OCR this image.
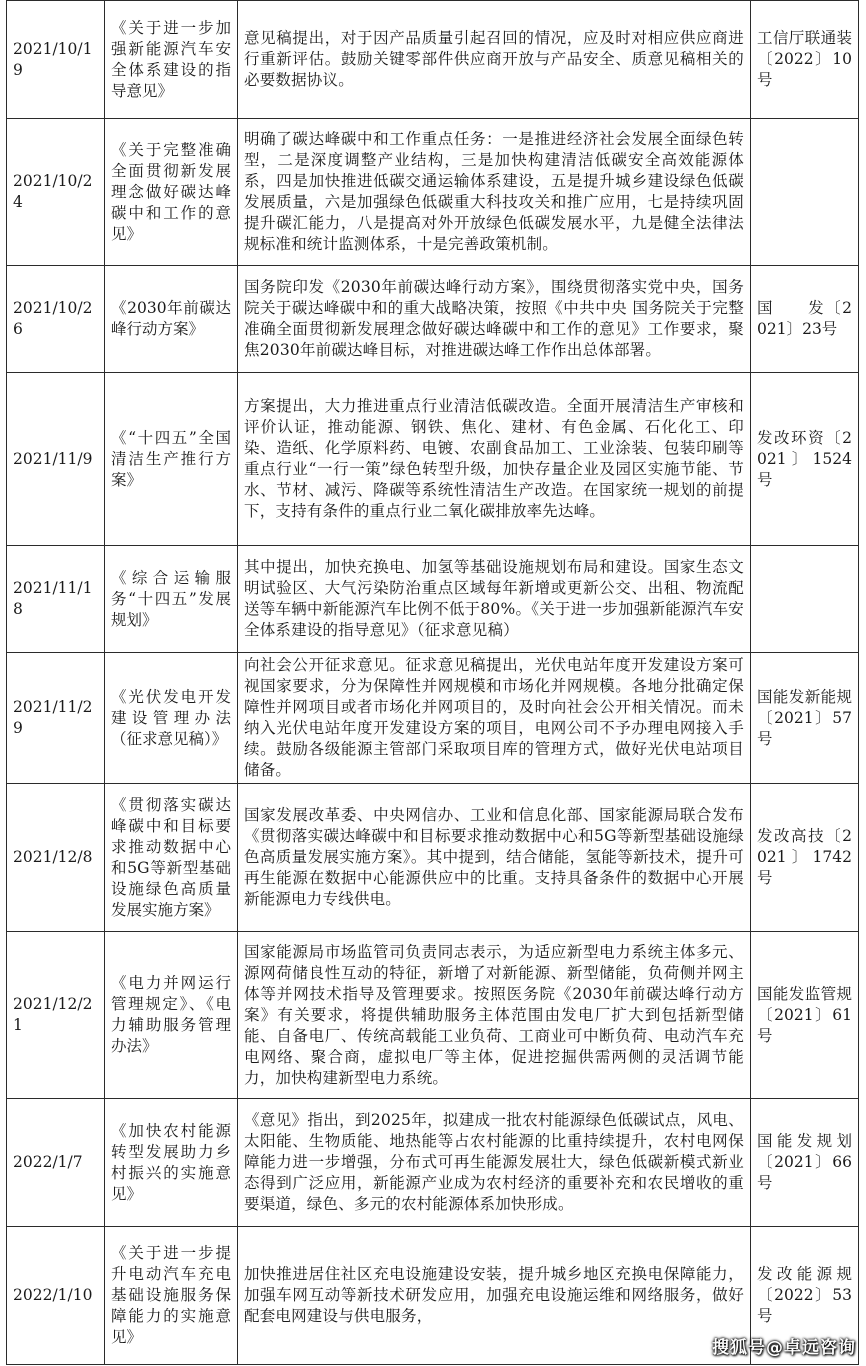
2021/10/19	《关于进一步加强新能源汽车安全体系建设的指导意见》	意见稿提出，对于因产品质量引起召回的情况，应及时对相应供应商进行重新评估。鼓励关键零部件供应商开放与产品安全、质意见稿相关的必要数据协议。	工信厅联通装〔2022〕10号
2021/10/24	《关于完整准确全面贯彻新发展理念做好碳达峰碳中和工作的意见》	明确了碳达峰碳中和工作重点任务：一是推进经济社会发展全面绿色转型，二是深度调整产业结构，三是加快构建清洁低碳安全高效能源体系，四是加快推进低碳交通运输体系建设，五是提升城乡建设绿色低碳发展质量，六是加强绿色低碳重大科技攻关和推广应用，七是持续巩固提升碳汇能力，八是提高对外开放绿色低碳发展水平，九是健全法律法规标准和统计监测体系，十是完善政策机制。	
2021/10/26	《2030年前碳达峰行动方案》	国务院印发《2030年前碳达峰行动方案》，围绕贯彻落实党中央，国务院关于碳达峰碳中和的重大战略决策，按照《中共中央 国务院关于完整准确全面贯彻新发展理念做好碳达峰碳中和工作的意见》工作要求，聚焦2030年前碳达峰目标，对推进碳达峰工作作出总体部署。	国　　发〔2021〕23号
2021/11/9	《“十四五”全国清洁生产推行方案》	方案提出，大力推进重点行业清洁低碳改造。全面开展清洁生产审核和评价认证，推动能源、钢铁、焦化、建材、有色金属、石化化工、印染、造纸、化学原料药、电镀、农副食品加工、工业涂装、包装印刷等重点行业“一行一策”绿色转型升级，加快存量企业及园区实施节能、节水、节材、减污、降碳等系统性清洁生产改造。在国家统一规划的前提下，支持有条件的重点行业二氧化碳排放率先达峰。	发改环资〔2021〕1524号
2021/11/18	《综合运输服务“十四五”发展规划》	其中提出，加快充换电、加氢等基础设施规划布局和建设。国家生态文明试验区、大气污染防治重点区域每年新增或更新公交、出租、物流配送等车辆中新能源汽车比例不低于80%。《关于进一步加强新能源汽车安全体系建设的指导意见》（征求意见稿）	
2021/11/29	《光伏发电开发建设管理办法（征求意见稿）》	向社会公开征求意见。征求意见稿提出，光伏电站年度开发建设方案可视国家要求，分为保障性并网规模和市场化并网规模。各地分批确定保障性并网项目或者市场化并网项目的，及时向社会公开相关情况。而未纳入光伏电站年度开发建设方案的项目，电网公司不予办理电网接入手续。鼓励各级能源主管部门采取项目库的管理方式，做好光伏电站项目储备。	国能发新能规〔2021〕57号
2021/12/8	《贯彻落实碳达峰碳中和目标要求推动数据中心和5G等新型基础设施绿色高质量发展实施方案》	国家发展改革委、中央网信办、工业和信息化部、国家能源局联合发布《贯彻落实碳达峰碳中和目标要求推动数据中心和5G等新型基础设施绿色高质量发展实施方案》。其中提到，结合储能，氢能等新技术，提升可再生能源在数据中心能源供应中的比重。支持具备条件的数据中心开展新能源电力专线供电。	发改高技〔2021〕1742号
2021/12/21	《电力并网运行管理规定》、《电力辅助服务管理办法》	国家能源局市场监管司负责同志表示，为适应新型电力系统主体多元、源网荷储良性互动的特征，新增了对新能源、新型储能，负荷侧并网主体等并网技术指导及管理要求。按照医务院《2030年前碳达峰行动方案》有关要求，将提供辅助服务主体范围由发电厂扩大到包括新型储能、自备电厂、传统高载能工业负荷、工商业可中断负荷、电动汽车充电网络、聚合商，虚拟电厂等主体，促进挖掘供需两侧的灵活调节能力，加快构建新型电力系统。	国能发监管规〔2021〕61号
2022/1/7	《加快农村能源转型发展助力乡村振兴的实施意见》	《意见》指出，到2025年，拟建成一批农村能源绿色低碳试点，风电、太阳能、生物质能、地热能等占农村能源的比重持续提升，农村电网保障能力进一步增强，分布式可再生能源发展壮大，绿色低碳新模式新业态得到广泛应用，新能源产业成为农村经济的重要补充和农民增收的重要渠道，绿色、多元的农村能源体系加快形成。	国能发规划〔2021〕66号
2022/1/10	《关于进一步提升电动汽车充电基础设施服务保障能力的实施意见》	加快推进居住社区充电设施建设安装，提升城乡地区充换电保障能力，加强车网互动等新技术研发应用，加强充电设施运维和网络服务，做好配套电网建设与供电服务，	发改能源规〔2022〕53号
搜狐号@卓远咨询
